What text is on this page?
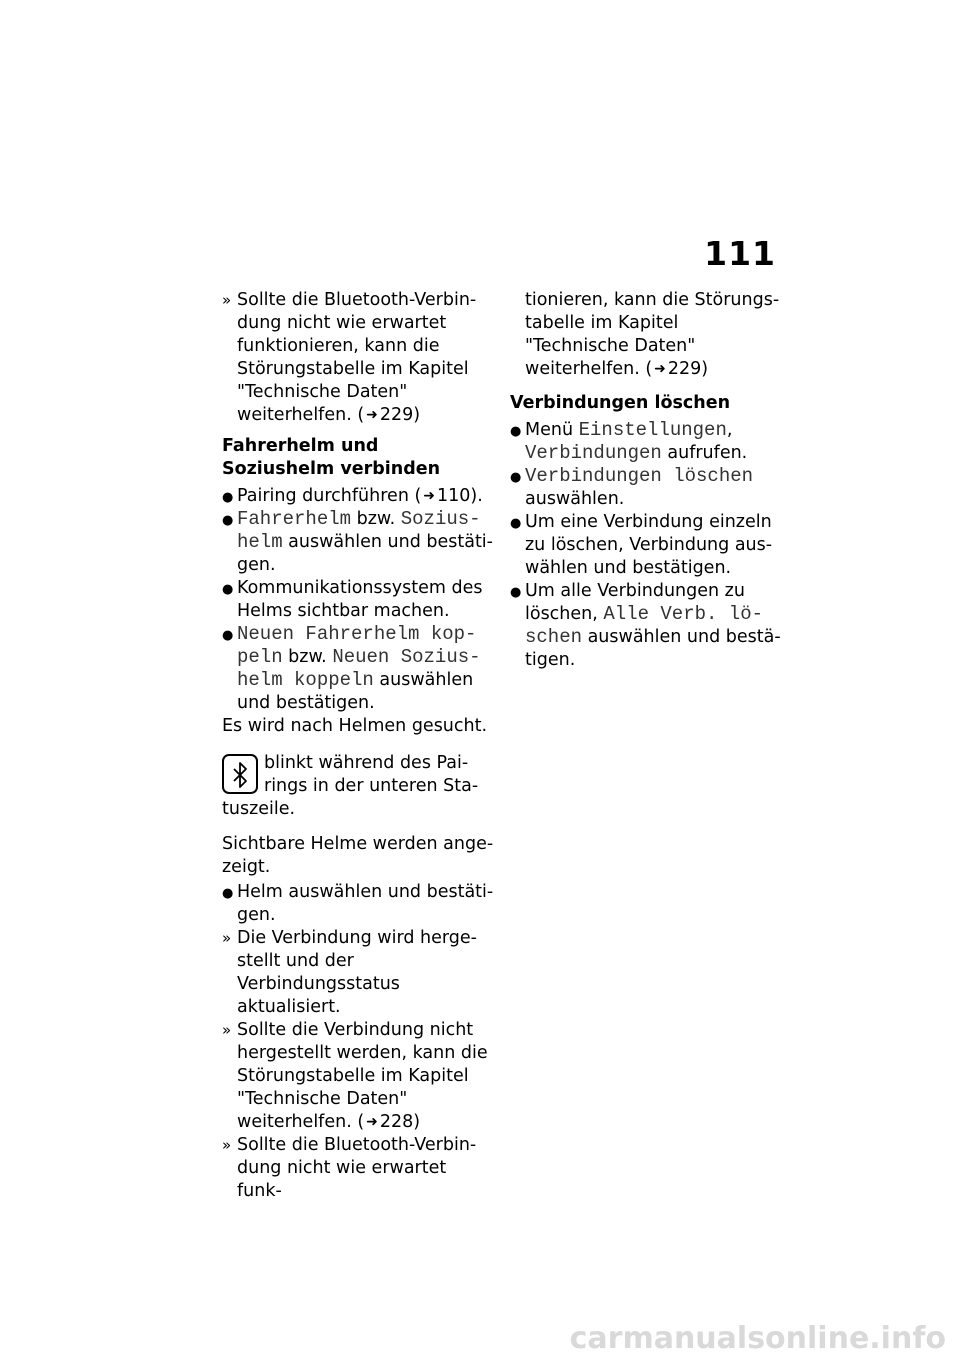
111

» Sollte die Bluetooth-Verbindung nicht wie erwartet funktionieren, kann die Störungstabelle im Kapitel "Technische Daten" weiterhelfen. ( ➜ 229)

Fahrerhelm und Soziushelm verbinden

● Pairing durchführen ( ➜ 110).

● Fahrerhelm bzw. Sozius-helm auswählen und bestätigen.

● Kommunikationssystem des Helms sichtbar machen.

● Neuen Fahrerhelm kop-peln bzw. Neuen Sozius-helm koppeln auswählen und bestätigen.

Es wird nach Helmen gesucht.

blinkt während des Pairings in der unteren Statuszeile.

Sichtbare Helme werden angezeigt.

● Helm auswählen und bestätigen.

» Die Verbindung wird hergestellt und der Verbindungsstatus aktualisiert.

» Sollte die Verbindung nicht hergestellt werden, kann die Störungstabelle im Kapitel "Technische Daten" weiterhelfen. ( ➜ 228)

» Sollte die Bluetooth-Verbindung nicht wie erwartet funk-

tionieren, kann die Störungstabelle im Kapitel "Technische Daten" weiterhelfen. ( ➜ 229)

Verbindungen löschen

● Menü Einstellungen, Verbindungen aufrufen.

● Verbindungen löschen auswählen.

● Um eine Verbindung einzeln zu löschen, Verbindung auswählen und bestätigen.

● Um alle Verbindungen zu löschen, Alle Verb. lö-schen auswählen und bestätigen.

carmanualsonline.info
